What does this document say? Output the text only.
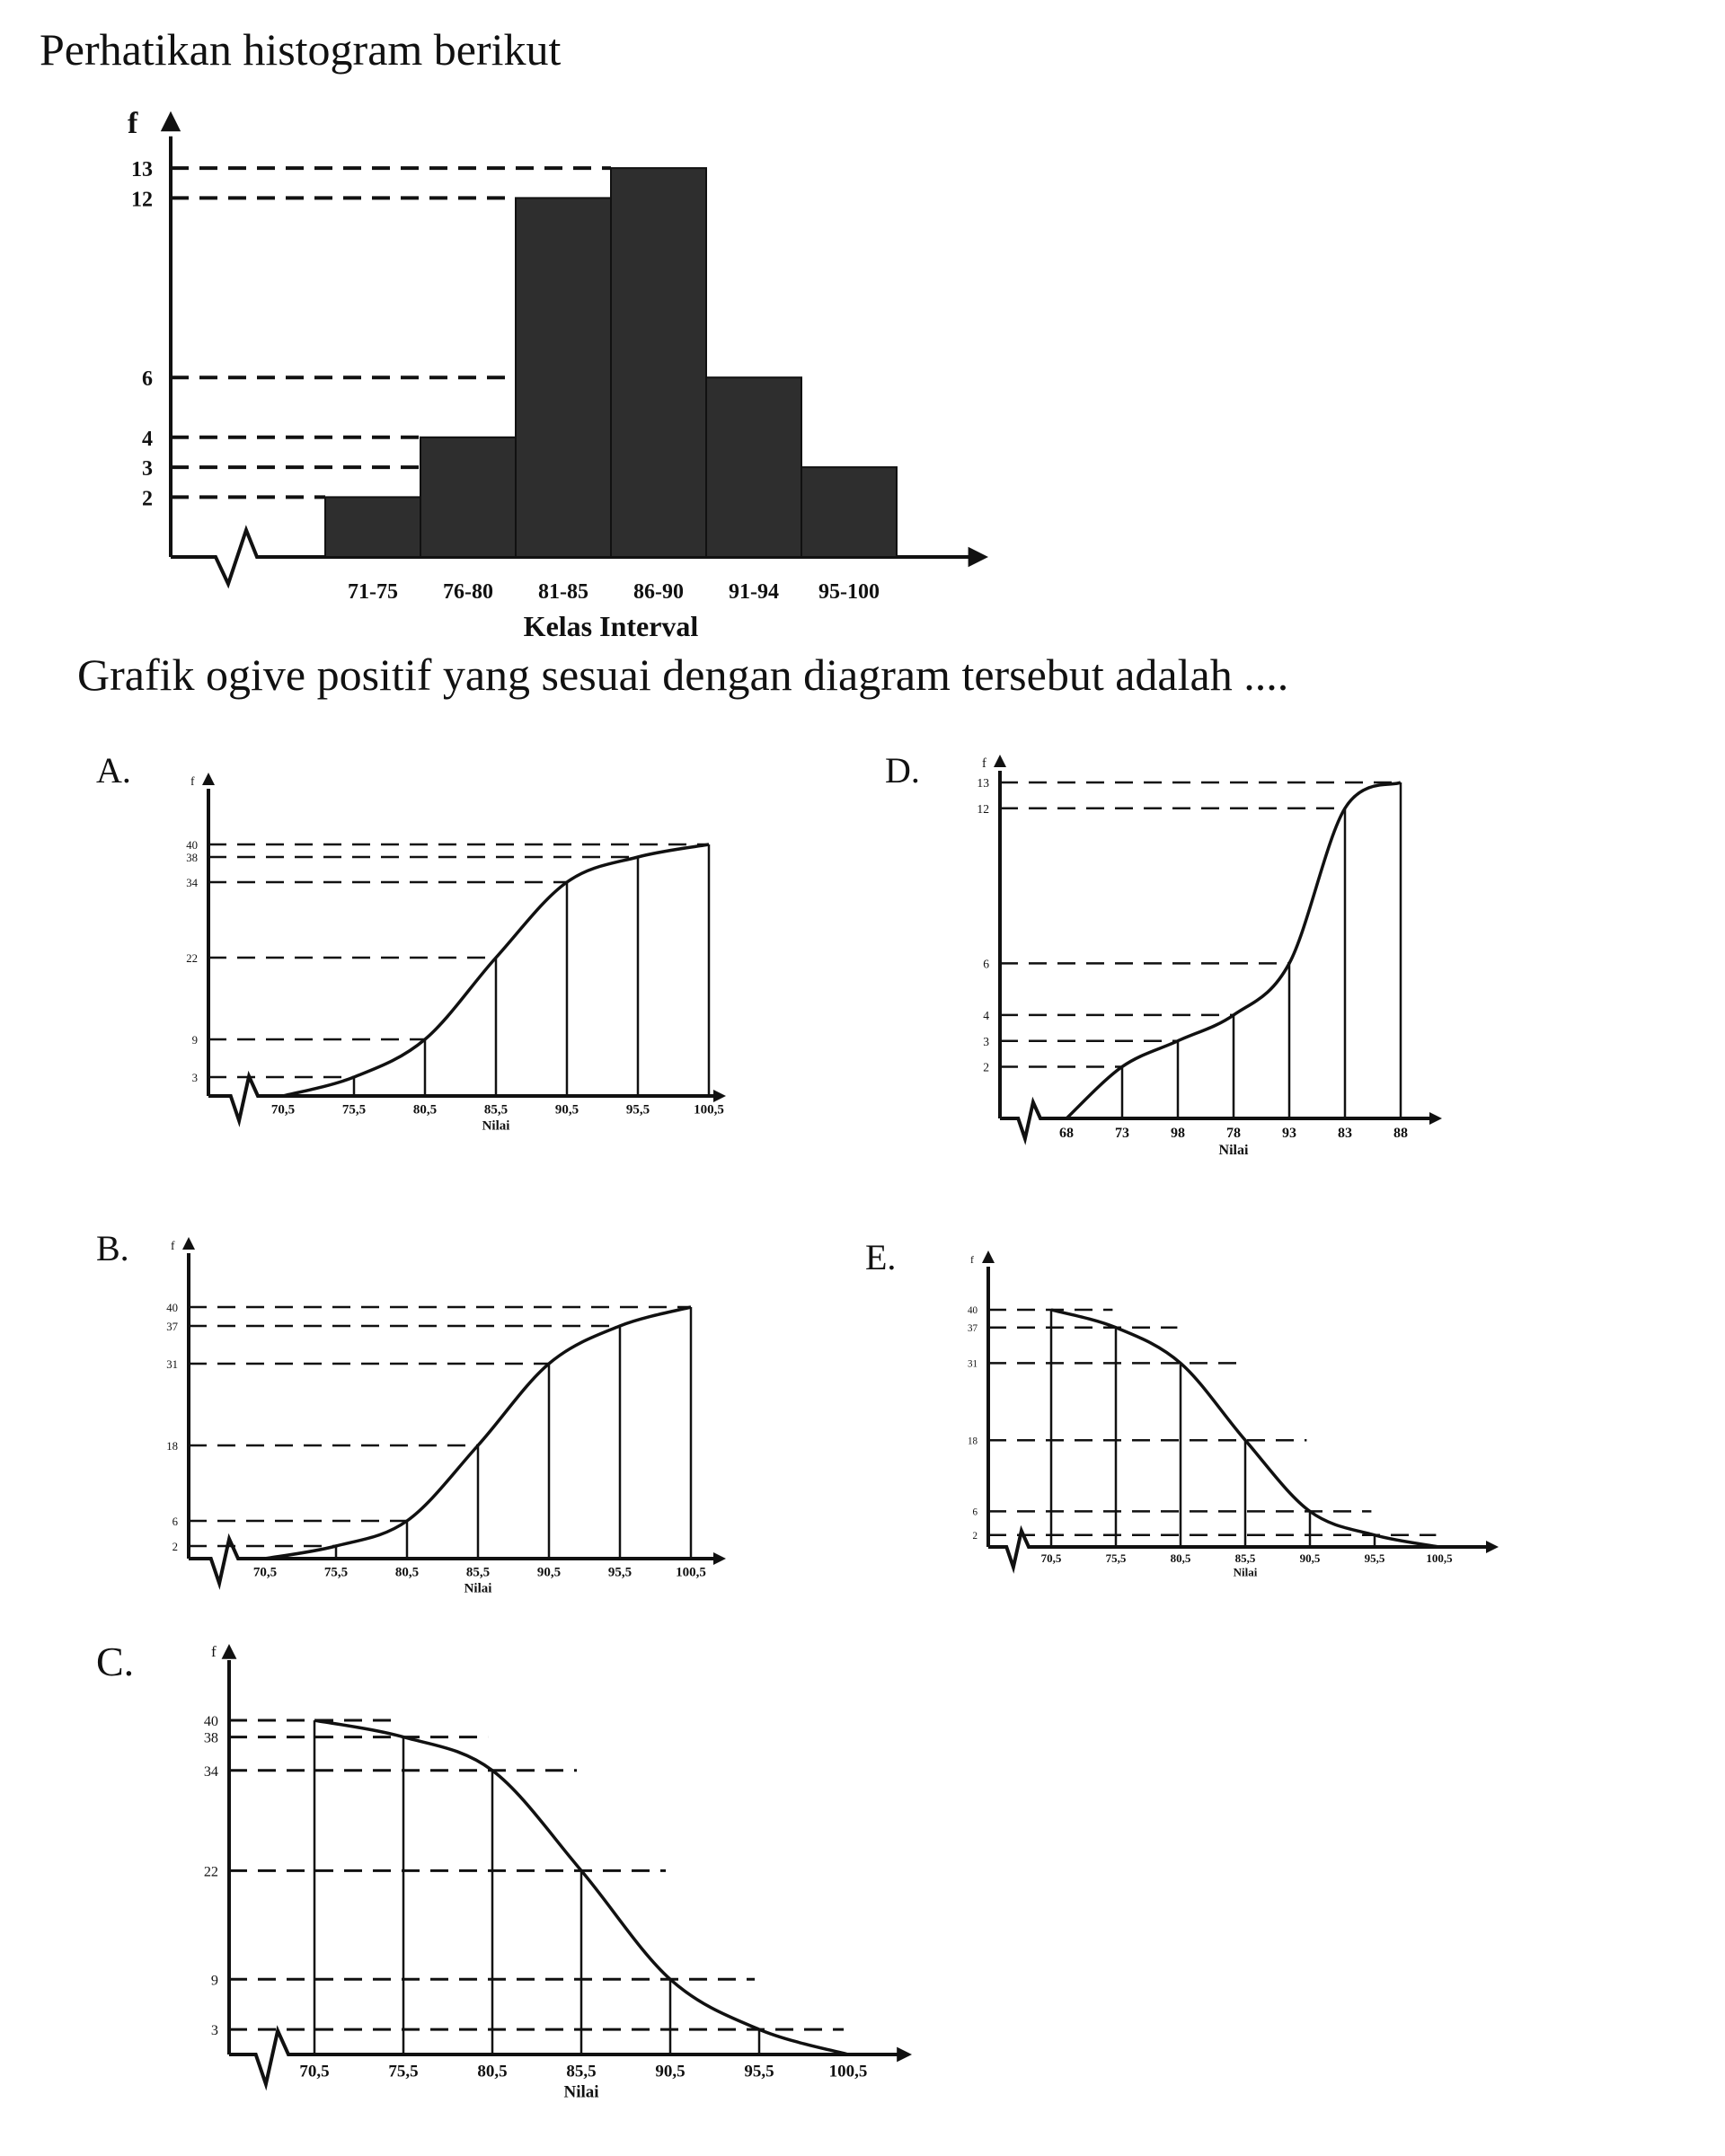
Perhatikan histogram berikut
f
71-75 76-80 81-85 86-90 91-94 95-100
Kelas Interval
2
3
4
6
12
13
Grafik ogive positif yang sesuai dengan diagram tersebut adalah ....
A.	f
3
9
22
34
38
40
70,5	75,5	80,5	85,5	90,5	95,5	100,5
Nilai
B.	f
2
6
18
31
37
40
70,5	75,5	80,5	85,5	90,5	95,5	100,5
Nilai
C.	f
3
9
22
34
38
40
70,5	75,5	80,5	85,5	90,5	95,5	100,5
Nilai
D.	f
2
3
4
6
12
13
68	73	98	78	93	83	88
Nilai
E.	f
2
6
18
31
37
40
70,5	75,5	80,5	85,5	90,5	95,5	100,5
Nilai
